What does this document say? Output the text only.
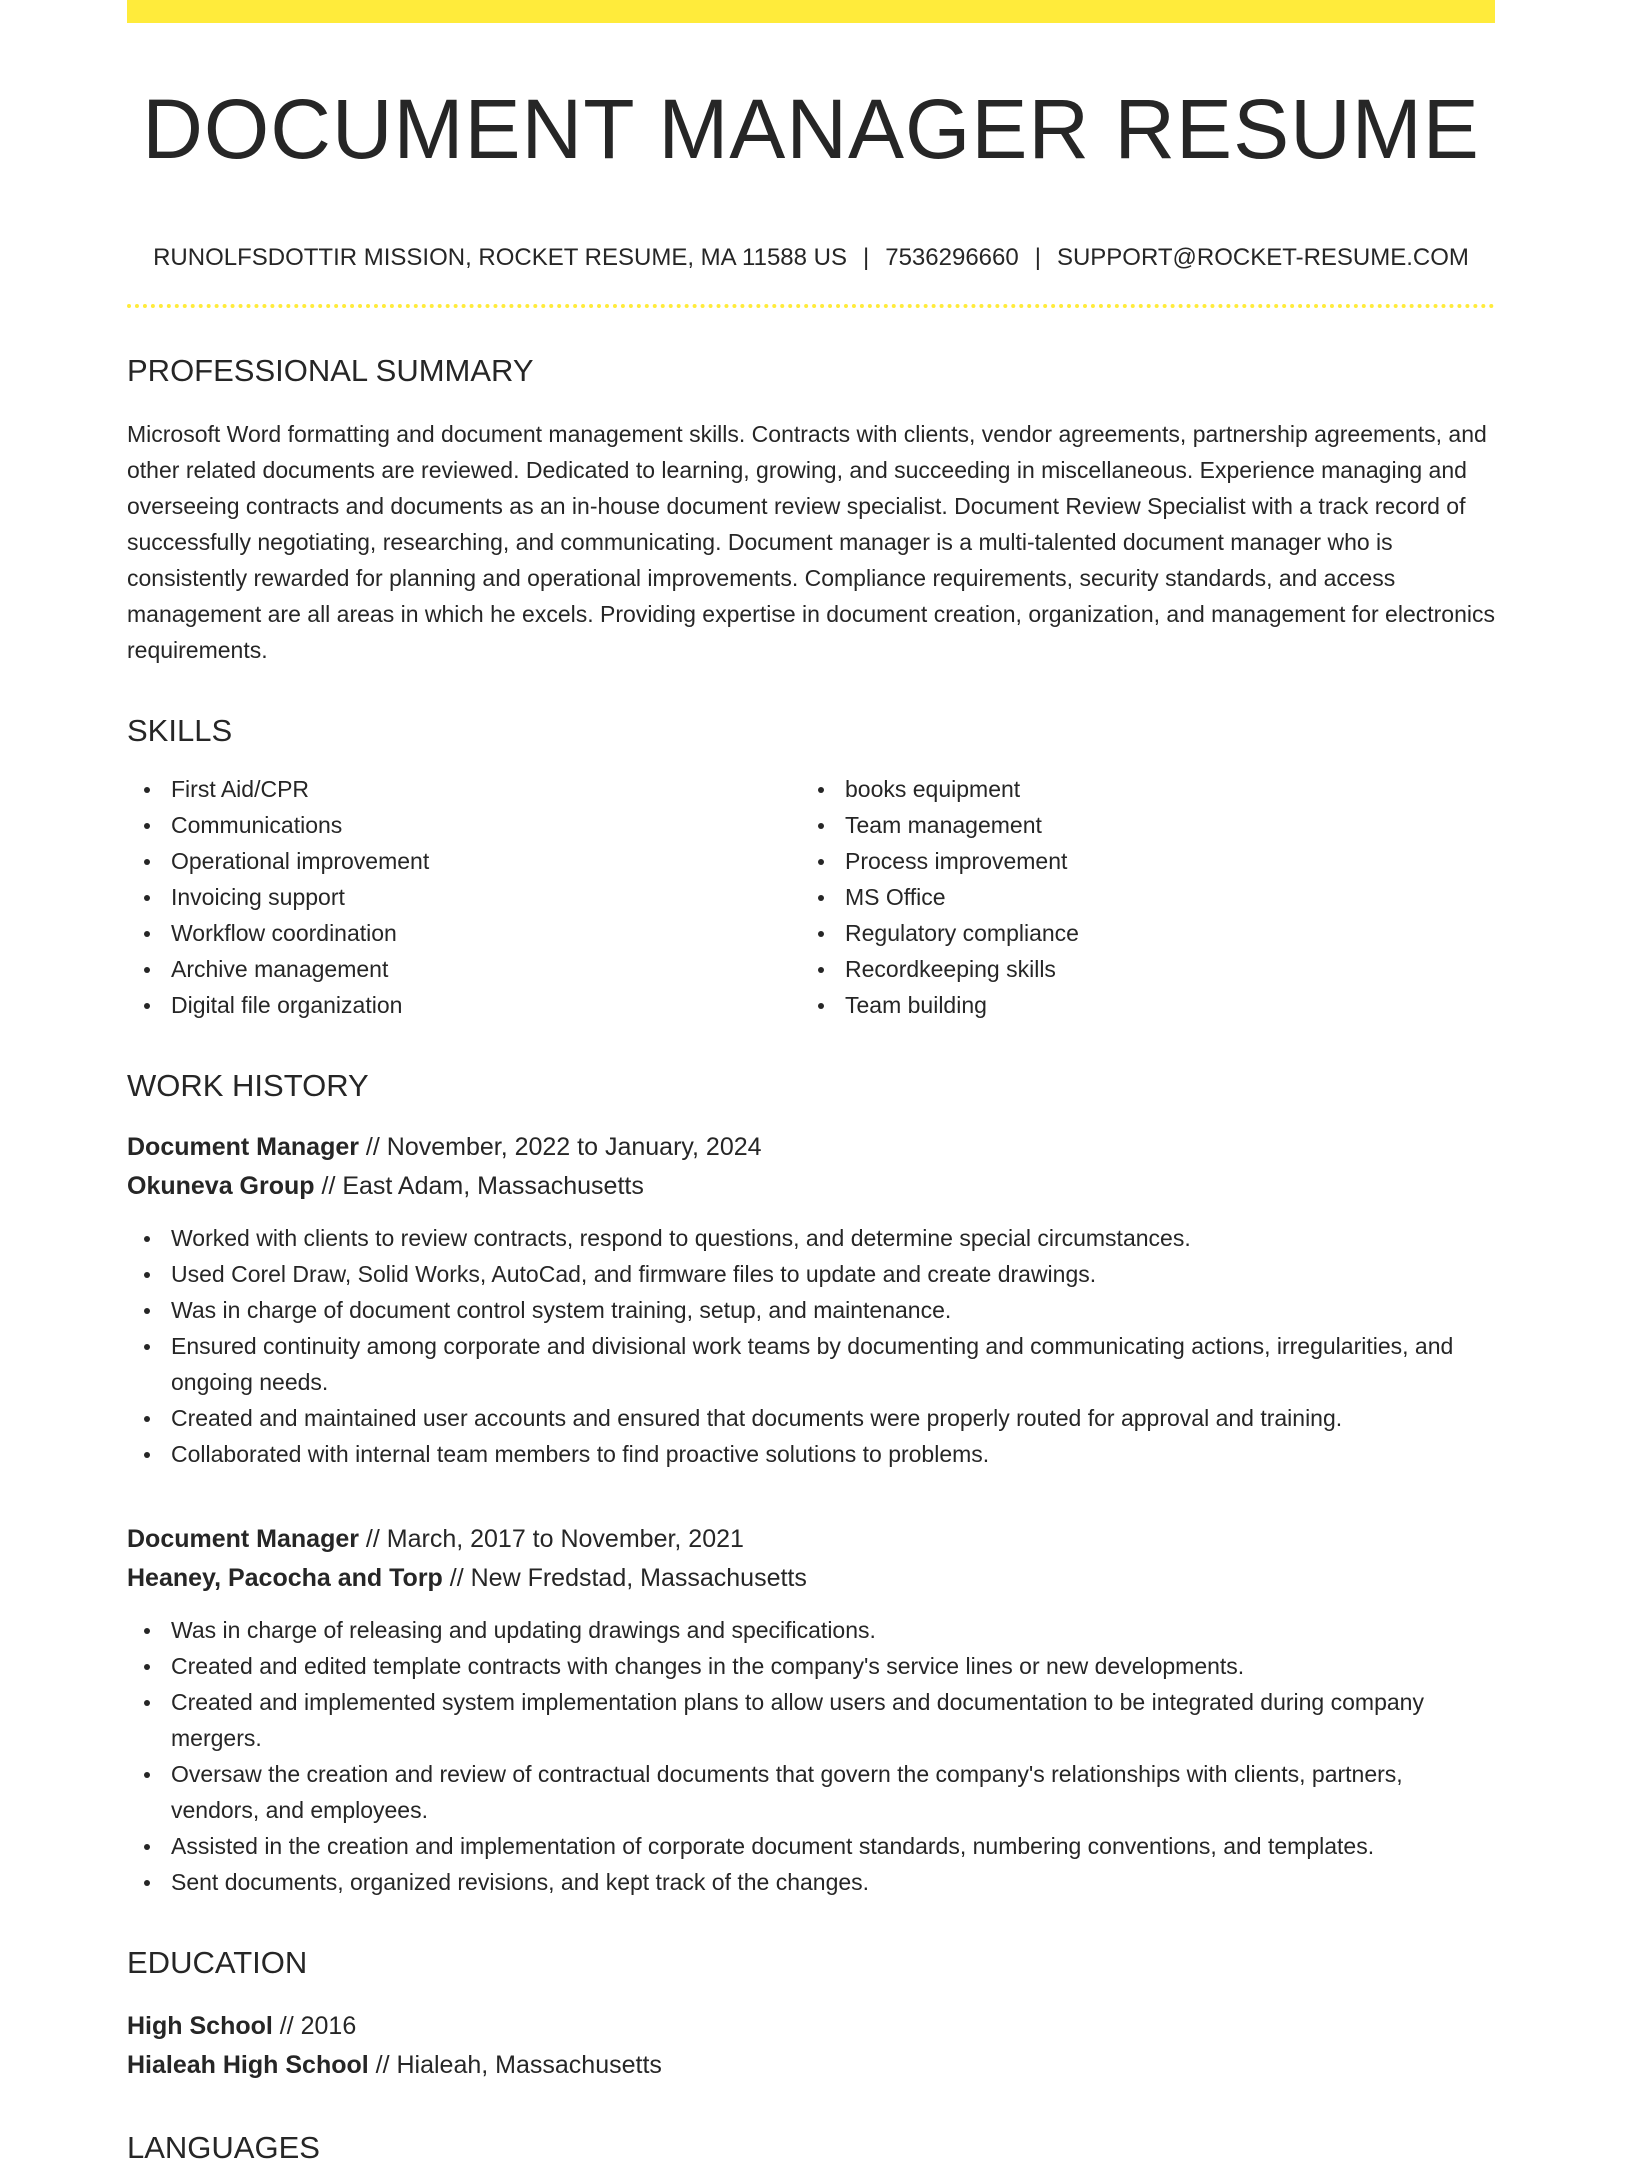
DOCUMENT MANAGER RESUME
RUNOLFSDOTTIR MISSION, ROCKET RESUME, MA 11588 US | 7536296660 | SUPPORT@ROCKET-RESUME.COM
PROFESSIONAL SUMMARY
Microsoft Word formatting and document management skills. Contracts with clients, vendor agreements, partnership agreements, and other related documents are reviewed. Dedicated to learning, growing, and succeeding in miscellaneous. Experience managing and overseeing contracts and documents as an in-house document review specialist. Document Review Specialist with a track record of successfully negotiating, researching, and communicating. Document manager is a multi-talented document manager who is consistently rewarded for planning and operational improvements. Compliance requirements, security standards, and access management are all areas in which he excels. Providing expertise in document creation, organization, and management for electronics requirements.
SKILLS
First Aid/CPR
Communications
Operational improvement
Invoicing support
Workflow coordination
Archive management
Digital file organization
books equipment
Team management
Process improvement
MS Office
Regulatory compliance
Recordkeeping skills
Team building
WORK HISTORY
Document Manager // November, 2022 to January, 2024
Okuneva Group // East Adam, Massachusetts
Worked with clients to review contracts, respond to questions, and determine special circumstances.
Used Corel Draw, Solid Works, AutoCad, and firmware files to update and create drawings.
Was in charge of document control system training, setup, and maintenance.
Ensured continuity among corporate and divisional work teams by documenting and communicating actions, irregularities, and ongoing needs.
Created and maintained user accounts and ensured that documents were properly routed for approval and training.
Collaborated with internal team members to find proactive solutions to problems.
Document Manager // March, 2017 to November, 2021
Heaney, Pacocha and Torp // New Fredstad, Massachusetts
Was in charge of releasing and updating drawings and specifications.
Created and edited template contracts with changes in the company's service lines or new developments.
Created and implemented system implementation plans to allow users and documentation to be integrated during company mergers.
Oversaw the creation and review of contractual documents that govern the company's relationships with clients, partners, vendors, and employees.
Assisted in the creation and implementation of corporate document standards, numbering conventions, and templates.
Sent documents, organized revisions, and kept track of the changes.
EDUCATION
High School // 2016
Hialeah High School // Hialeah, Massachusetts
LANGUAGES
